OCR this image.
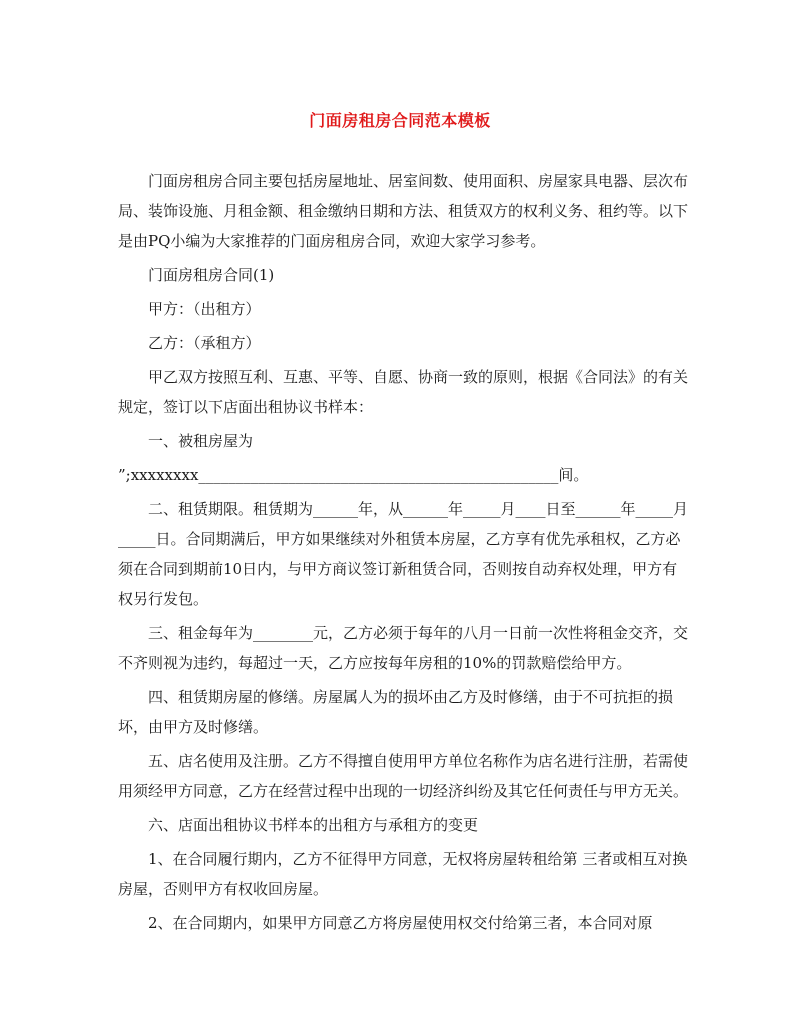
门面房租房合同范本模板

门面房租房合同主要包括房屋地址、居室间数、使用面积、房屋家具电器、层次布局、装饰设施、月租金额、租金缴纳日期和方法、租赁双方的权利义务、租约等。以下是由PQ小编为大家推荐的门面房租房合同，欢迎大家学习参考。

门面房租房合同(1)

甲方：（出租方）

乙方：（承租方）

甲乙双方按照互利、互惠、平等、自愿、协商一致的原则，根据《合同法》的有关规定，签订以下店面出租协议书样本：

一、被租房屋为

”;xxxxxxxx________________________________________________间。

二、租赁期限。租赁期为______年，从______年_____月____日至______年_____月_____日。合同期满后，甲方如果继续对外租赁本房屋，乙方享有优先承租权，乙方必须在合同到期前10日内，与甲方商议签订新租赁合同，否则按自动弃权处理，甲方有权另行发包。

三、租金每年为________元，乙方必须于每年的八月一日前一次性将租金交齐，交不齐则视为违约，每超过一天，乙方应按每年房租的10%的罚款赔偿给甲方。

四、租赁期房屋的修缮。房屋属人为的损坏由乙方及时修缮，由于不可抗拒的损坏，由甲方及时修缮。

五、店名使用及注册。乙方不得擅自使用甲方单位名称作为店名进行注册，若需使用须经甲方同意，乙方在经营过程中出现的一切经济纠纷及其它任何责任与甲方无关。

六、店面出租协议书样本的出租方与承租方的变更

1、在合同履行期内，乙方不征得甲方同意，无权将房屋转租给第 三者或相互对换房屋，否则甲方有权收回房屋。

2、在合同期内，如果甲方同意乙方将房屋使用权交付给第三者，本合同对原
